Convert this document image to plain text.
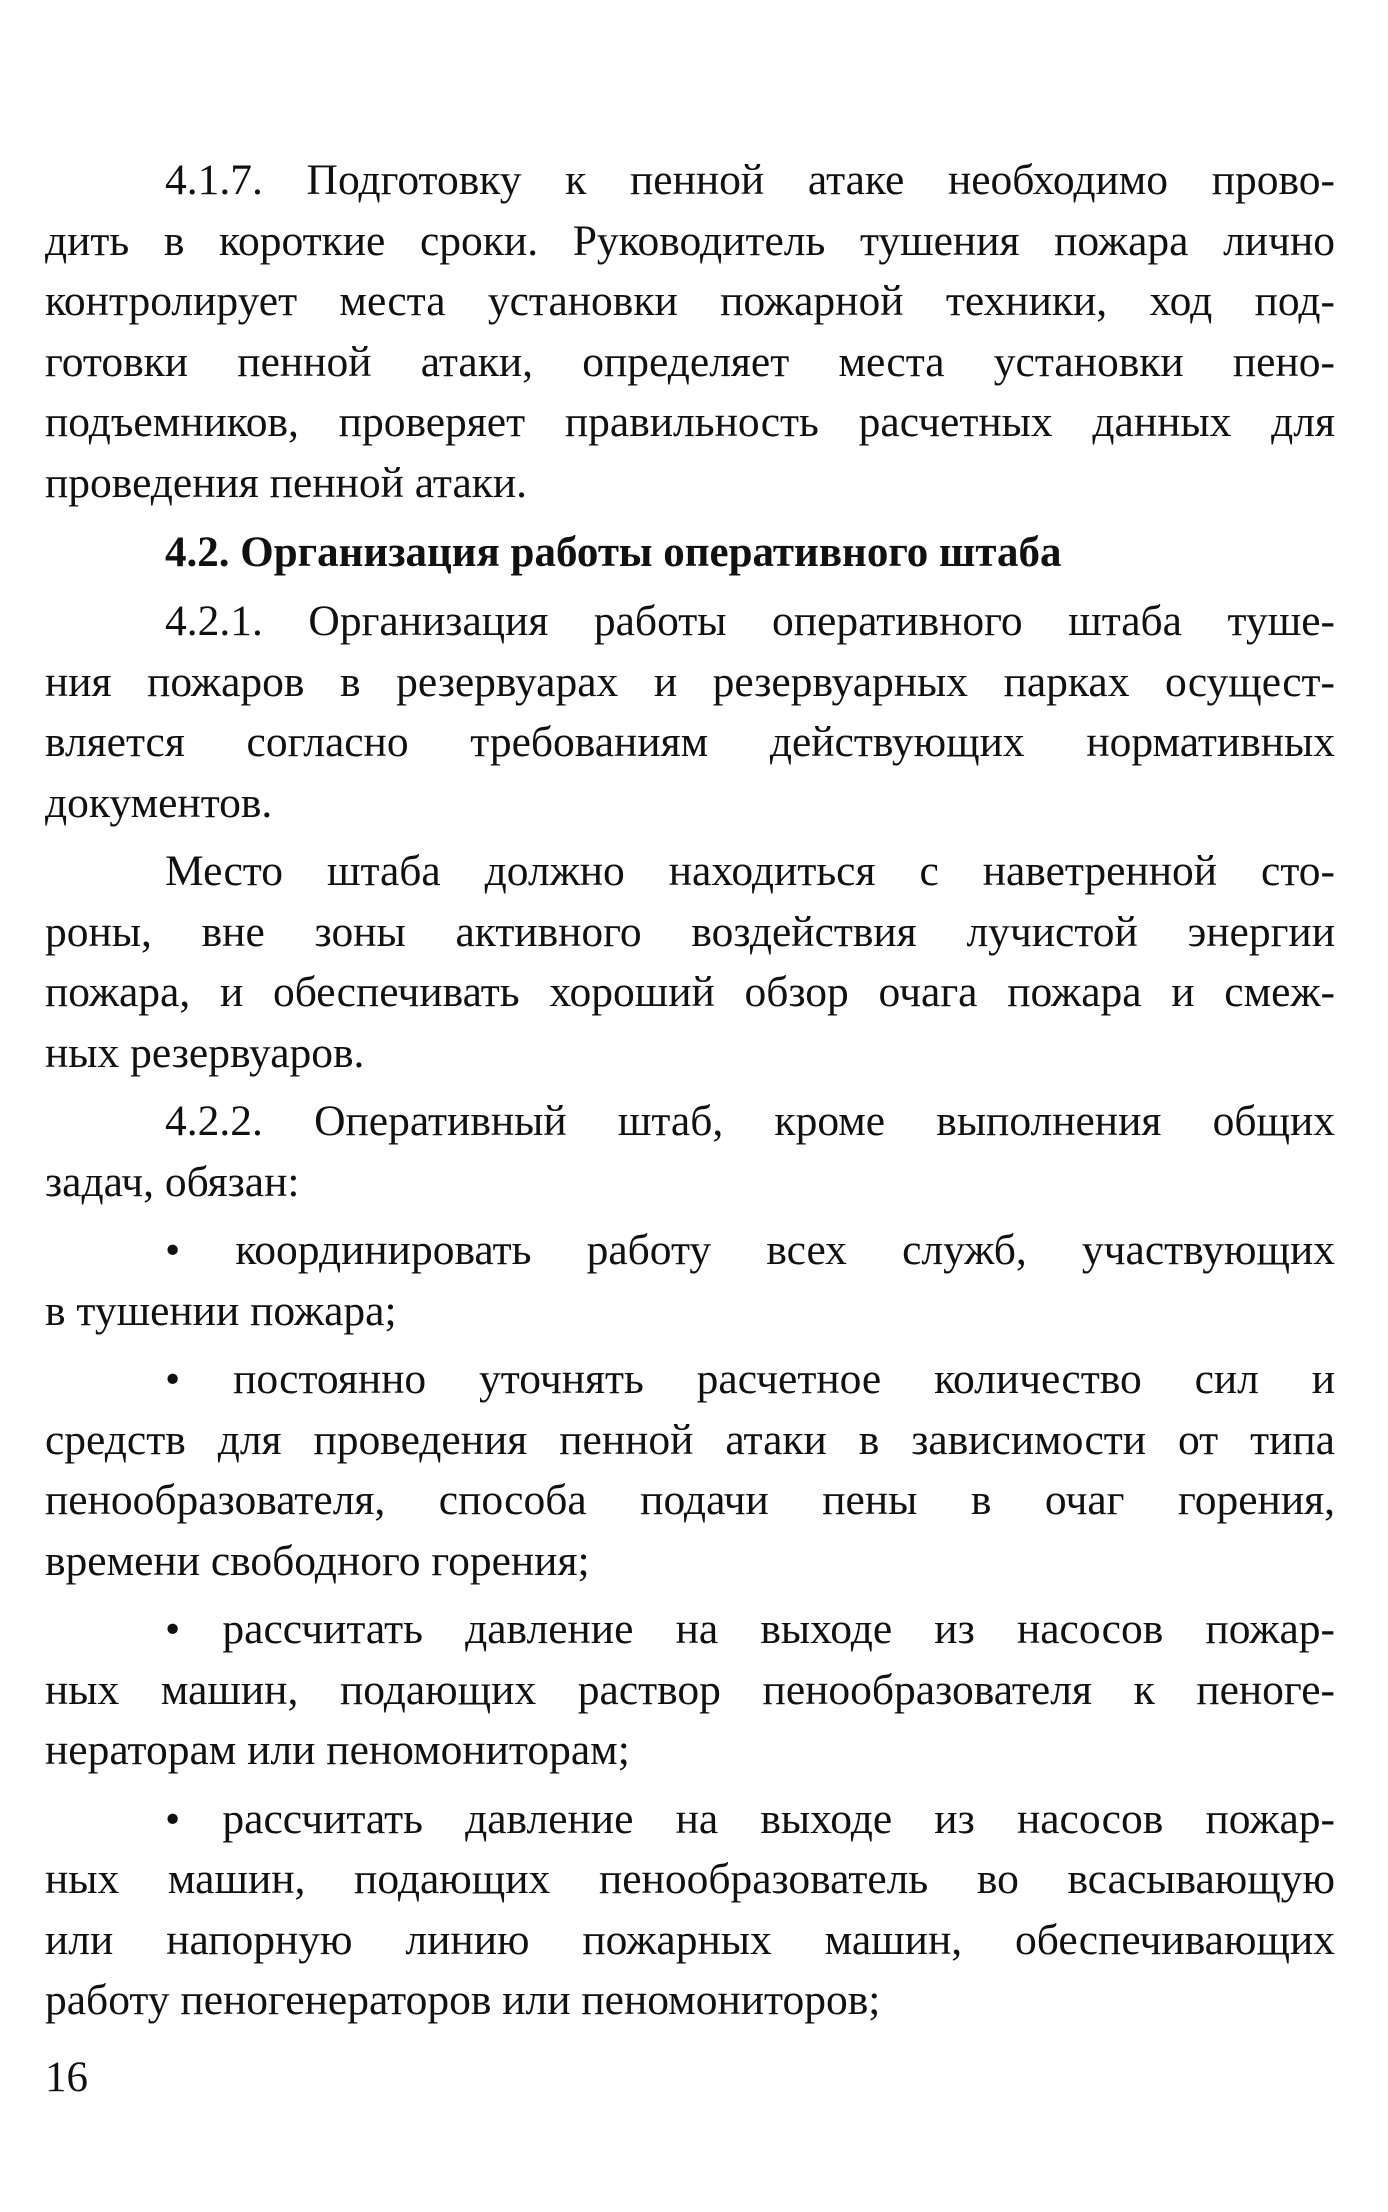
4.1.7. Подготовку к пенной атаке необходимо прово-
дить в короткие сроки. Руководитель тушения пожара лично
контролирует места установки пожарной техники, ход под-
готовки пенной атаки, определяет места установки пено-
подъемников, проверяет правильность расчетных данных для
проведения пенной атаки.
4.2. Организация работы оперативного штаба
4.2.1. Организация работы оперативного штаба туше-
ния пожаров в резервуарах и резервуарных парках осущест-
вляется согласно требованиям действующих нормативных
документов.
Место штаба должно находиться с наветренной сто-
роны, вне зоны активного воздействия лучистой энергии
пожара, и обеспечивать хороший обзор очага пожара и смеж-
ных резервуаров.
4.2.2. Оперативный штаб, кроме выполнения общих
задач, обязан:
• координировать работу всех служб, участвующих
в тушении пожара;
• постоянно уточнять расчетное количество сил и
средств для проведения пенной атаки в зависимости от типа
пенообразователя, способа подачи пены в очаг горения,
времени свободного горения;
• рассчитать давление на выходе из насосов пожар-
ных машин, подающих раствор пенообразователя к пеноге-
нераторам или пеномониторам;
• рассчитать давление на выходе из насосов пожар-
ных машин, подающих пенообразователь во всасывающую
или напорную линию пожарных машин, обеспечивающих
работу пеногенераторов или пеномониторов;
16
